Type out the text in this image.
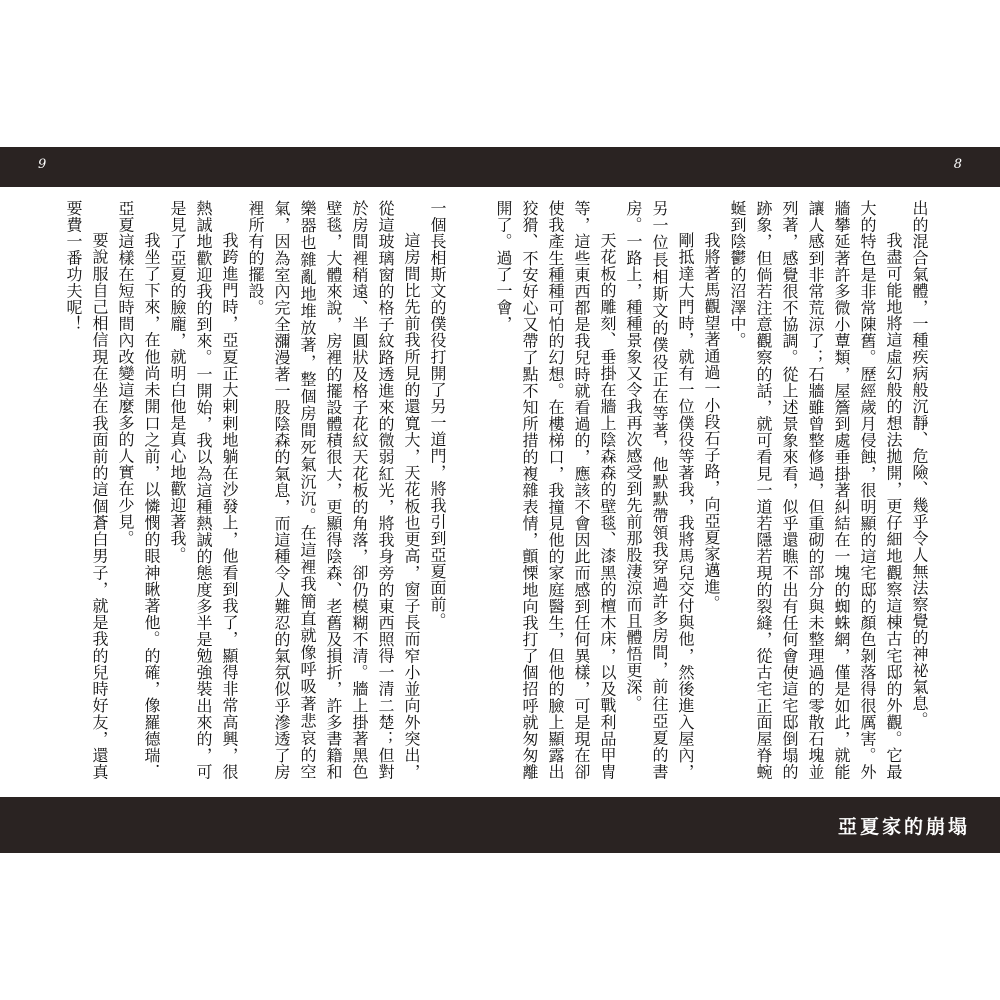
9	8

出的混合氣體，一種疾病般沉靜、危險、幾乎令人無法察覺的神祕氣息。

我盡可能地將這虛幻般的想法拋開，更仔細地觀察這棟古宅邸的外觀。它最大的特色是非常陳舊。歷經歲月侵蝕，很明顯的這宅邸的顏色剝落得很厲害。外牆攀延著許多微小蕈類，屋簷到處垂掛著糾結在一塊的蜘蛛網，僅是如此，就能讓人感到非常荒涼了；石牆雖曾整修過，但重砌的部分與未整理過的零散石塊並列著，感覺很不協調。從上述景象來看，似乎還瞧不出有任何會使這宅邸倒塌的跡象，但倘若注意觀察的話，就可看見一道若隱若現的裂縫，從古宅正面屋脊蜿蜒到陰鬱的沼澤中。

我將著馬觀望著通過一小段石子路，向亞夏家邁進。

剛抵達大門時，就有一位僕役等著我，我將馬兒交付與他，然後進入屋內，另一位長相斯文的僕役正在等著，他默默帶領我穿過許多房間，前往亞夏的書房。一路上，種種景象又令我再次感受到先前那股淒涼而且體悟更深。

天花板的雕刻、垂掛在牆上陰森森的壁毯、漆黑的檀木床，以及戰利品甲冑等，這些東西都是我兒時就看過的，應該不會因此而感到任何異樣，可是現在卻使我產生種種可怕的幻想。在樓梯口，我撞見他的家庭醫生，但他的臉上顯露出狡猾、不安好心又帶了點不知所措的複雜表情，顫慄地向我打了個招呼就匆匆離開了。過了一會，

一個長相斯文的僕役打開了另一道門，將我引到亞夏面前。

這房間比先前我所見的還寬大，天花板也更高，窗子長而窄小並向外突出，從這玻璃窗的格子紋路透進來的微弱紅光，將我身旁的東西照得一清二楚；但對於房間裡稍遠、半圓狀及格子花紋天花板的角落，卻仍模糊不清。牆上掛著黑色壁毯，大體來說，房裡的擺設體積很大，更顯得陰森、老舊及損折，許多書籍和樂器也雜亂地堆放著，整個房間死氣沉沉。在這裡我簡直就像呼吸著悲哀的空氣，因為室內完全瀰漫著一股陰森的氣息，而這種令人難忍的氣氛似乎滲透了房裡所有的擺設。

我跨進門時，亞夏正大剌剌地躺在沙發上，他看到我了，顯得非常高興，很熱誠地歡迎我的到來。一開始，我以為這種熱誠的態度多半是勉強裝出來的，可是見了亞夏的臉龐，就明白他是真心地歡迎著我。

我坐了下來，在他尚未開口之前，以憐憫的眼神瞅著他。的確，像羅德瑞．亞夏這樣在短時間內改變這麼多的人實在少見。

要說服自己相信現在坐在我面前的這個蒼白男子，就是我的兒時好友，還真要費一番功夫呢！

亞夏家的崩塌
